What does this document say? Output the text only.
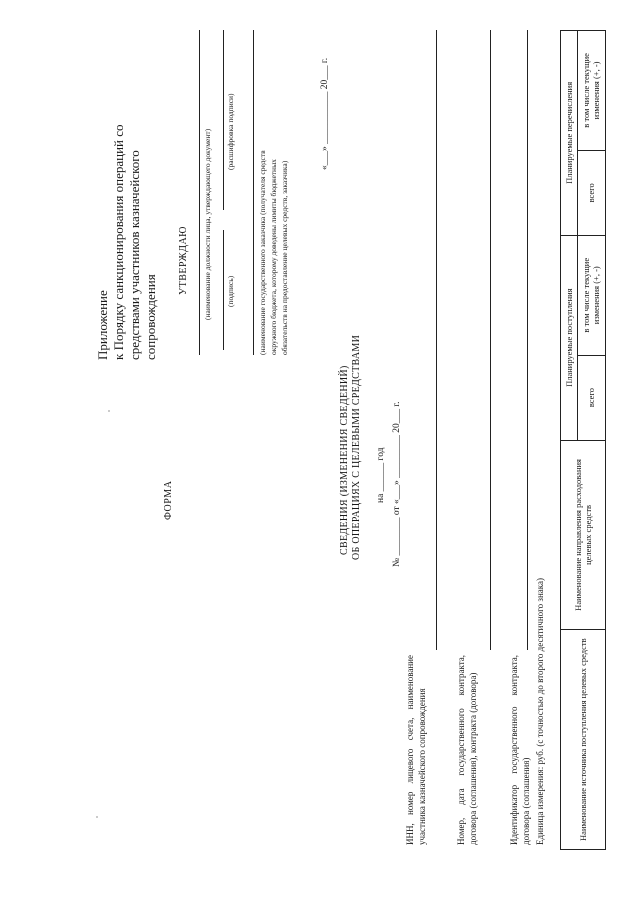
Приложение к Порядку санкционирования операций со средствами участников казначейского сопровождения
УТВЕРЖДАЮ (наименование должности лица, утверждающего документ) (подпись)
(расшифровка подписи)
(наименование государственного заказчика (получателя средств окружного бюджета, которому доведены лимиты бюджетных обязательств на предоставление целевых средств, заказчика)
«___» ___________ 20___ г.
ФОРМА	СВЕДЕНИЯ (ИЗМЕНЕНИЯ СВЕДЕНИЙ) ОБ ОПЕРАЦИЯХ С ЦЕЛЕВЫМИ СРЕДСТВАМИ на ______ год № ________ от «___» _________ 20___ г.
ИНН, номер лицевого счета, наименование участника казначейского сопровождения	Номер, дата государственного контракта, договора (соглашения), контракта (договора)	Идентификатор государственного контракта, договора (соглашения) Единица измерения: руб. (с точностью до второго десятичного знака)	Наименование источника поступления целевых средств	Наименование направления расходования целевых средств	Планируемые поступления		Планируемые перечисления	
		всего	в том числе текущие изменения (+, -)	всего	в том числе текущие изменения (+, -)
